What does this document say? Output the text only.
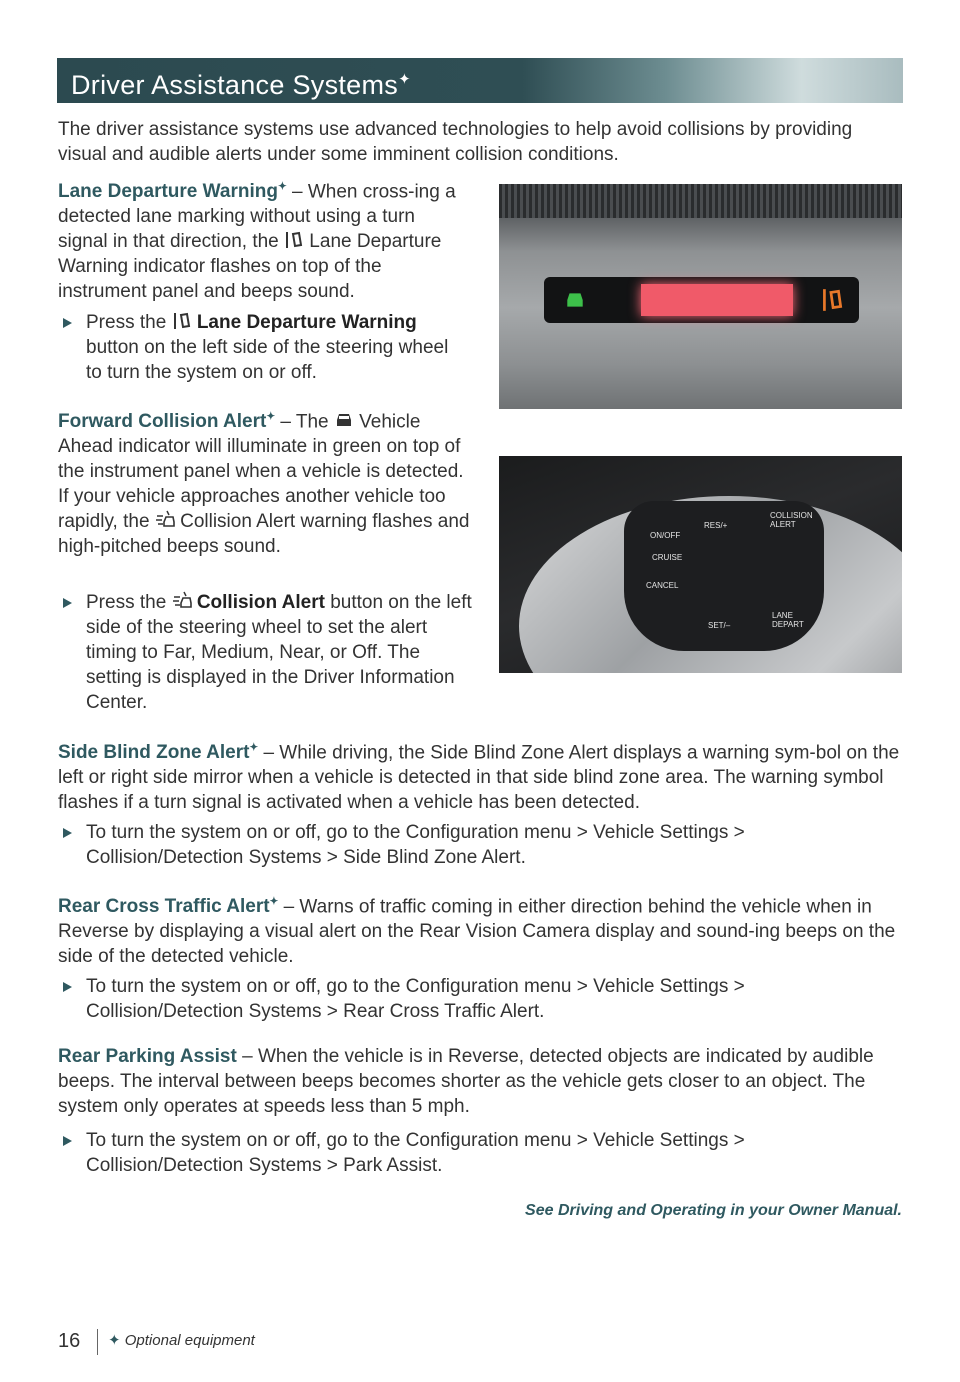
Driver Assistance Systems✦

The driver assistance systems use advanced technologies to help avoid collisions by providing visual and audible alerts under some imminent collision conditions.

Lane Departure Warning✦ – When cross-ing a detected lane marking without using a turn signal in that direction, the  Lane Departure Warning indicator flashes on top of the instrument panel and beeps sound.

Press the  Lane Departure Warning button on the left side of the steering wheel to turn the system on or off.

Forward Collision Alert✦ – The  Vehicle Ahead indicator will illuminate in green on top of the instrument panel when a vehicle is detected. If your vehicle approaches another vehicle too rapidly, the  Collision Alert warning flashes and high-pitched beeps sound.

Press the  Collision Alert button on the left side of the steering wheel to set the alert timing to Far, Medium, Near, or Off. The setting is displayed in the Driver Information Center.
ON/OFF
CRUISE
CANCEL
RES/+
SET/–
COLLISION ALERT
LANE DEPART

Side Blind Zone Alert✦ – While driving, the Side Blind Zone Alert displays a warning sym-bol on the left or right side mirror when a vehicle is detected in that side blind zone area. The warning symbol flashes if a turn signal is activated when a vehicle has been detected.

To turn the system on or off, go to the Configuration menu > Vehicle Settings > Collision/Detection Systems > Side Blind Zone Alert.

Rear Cross Traffic Alert✦ – Warns of traffic coming in either direction behind the vehicle when in Reverse by displaying a visual alert on the Rear Vision Camera display and sound-ing beeps on the side of the detected vehicle.

To turn the system on or off, go to the Configuration menu > Vehicle Settings > Collision/Detection Systems > Rear Cross Traffic Alert.

Rear Parking Assist – When the vehicle is in Reverse, detected objects are indicated by audible beeps. The interval between beeps becomes shorter as the vehicle gets closer to an object. The system only operates at speeds less than 5 mph.

To turn the system on or off, go to the Configuration menu > Vehicle Settings > Collision/Detection Systems > Park Assist.
See Driving and Operating in your Owner Manual.
16 ✦ Optional equipment
